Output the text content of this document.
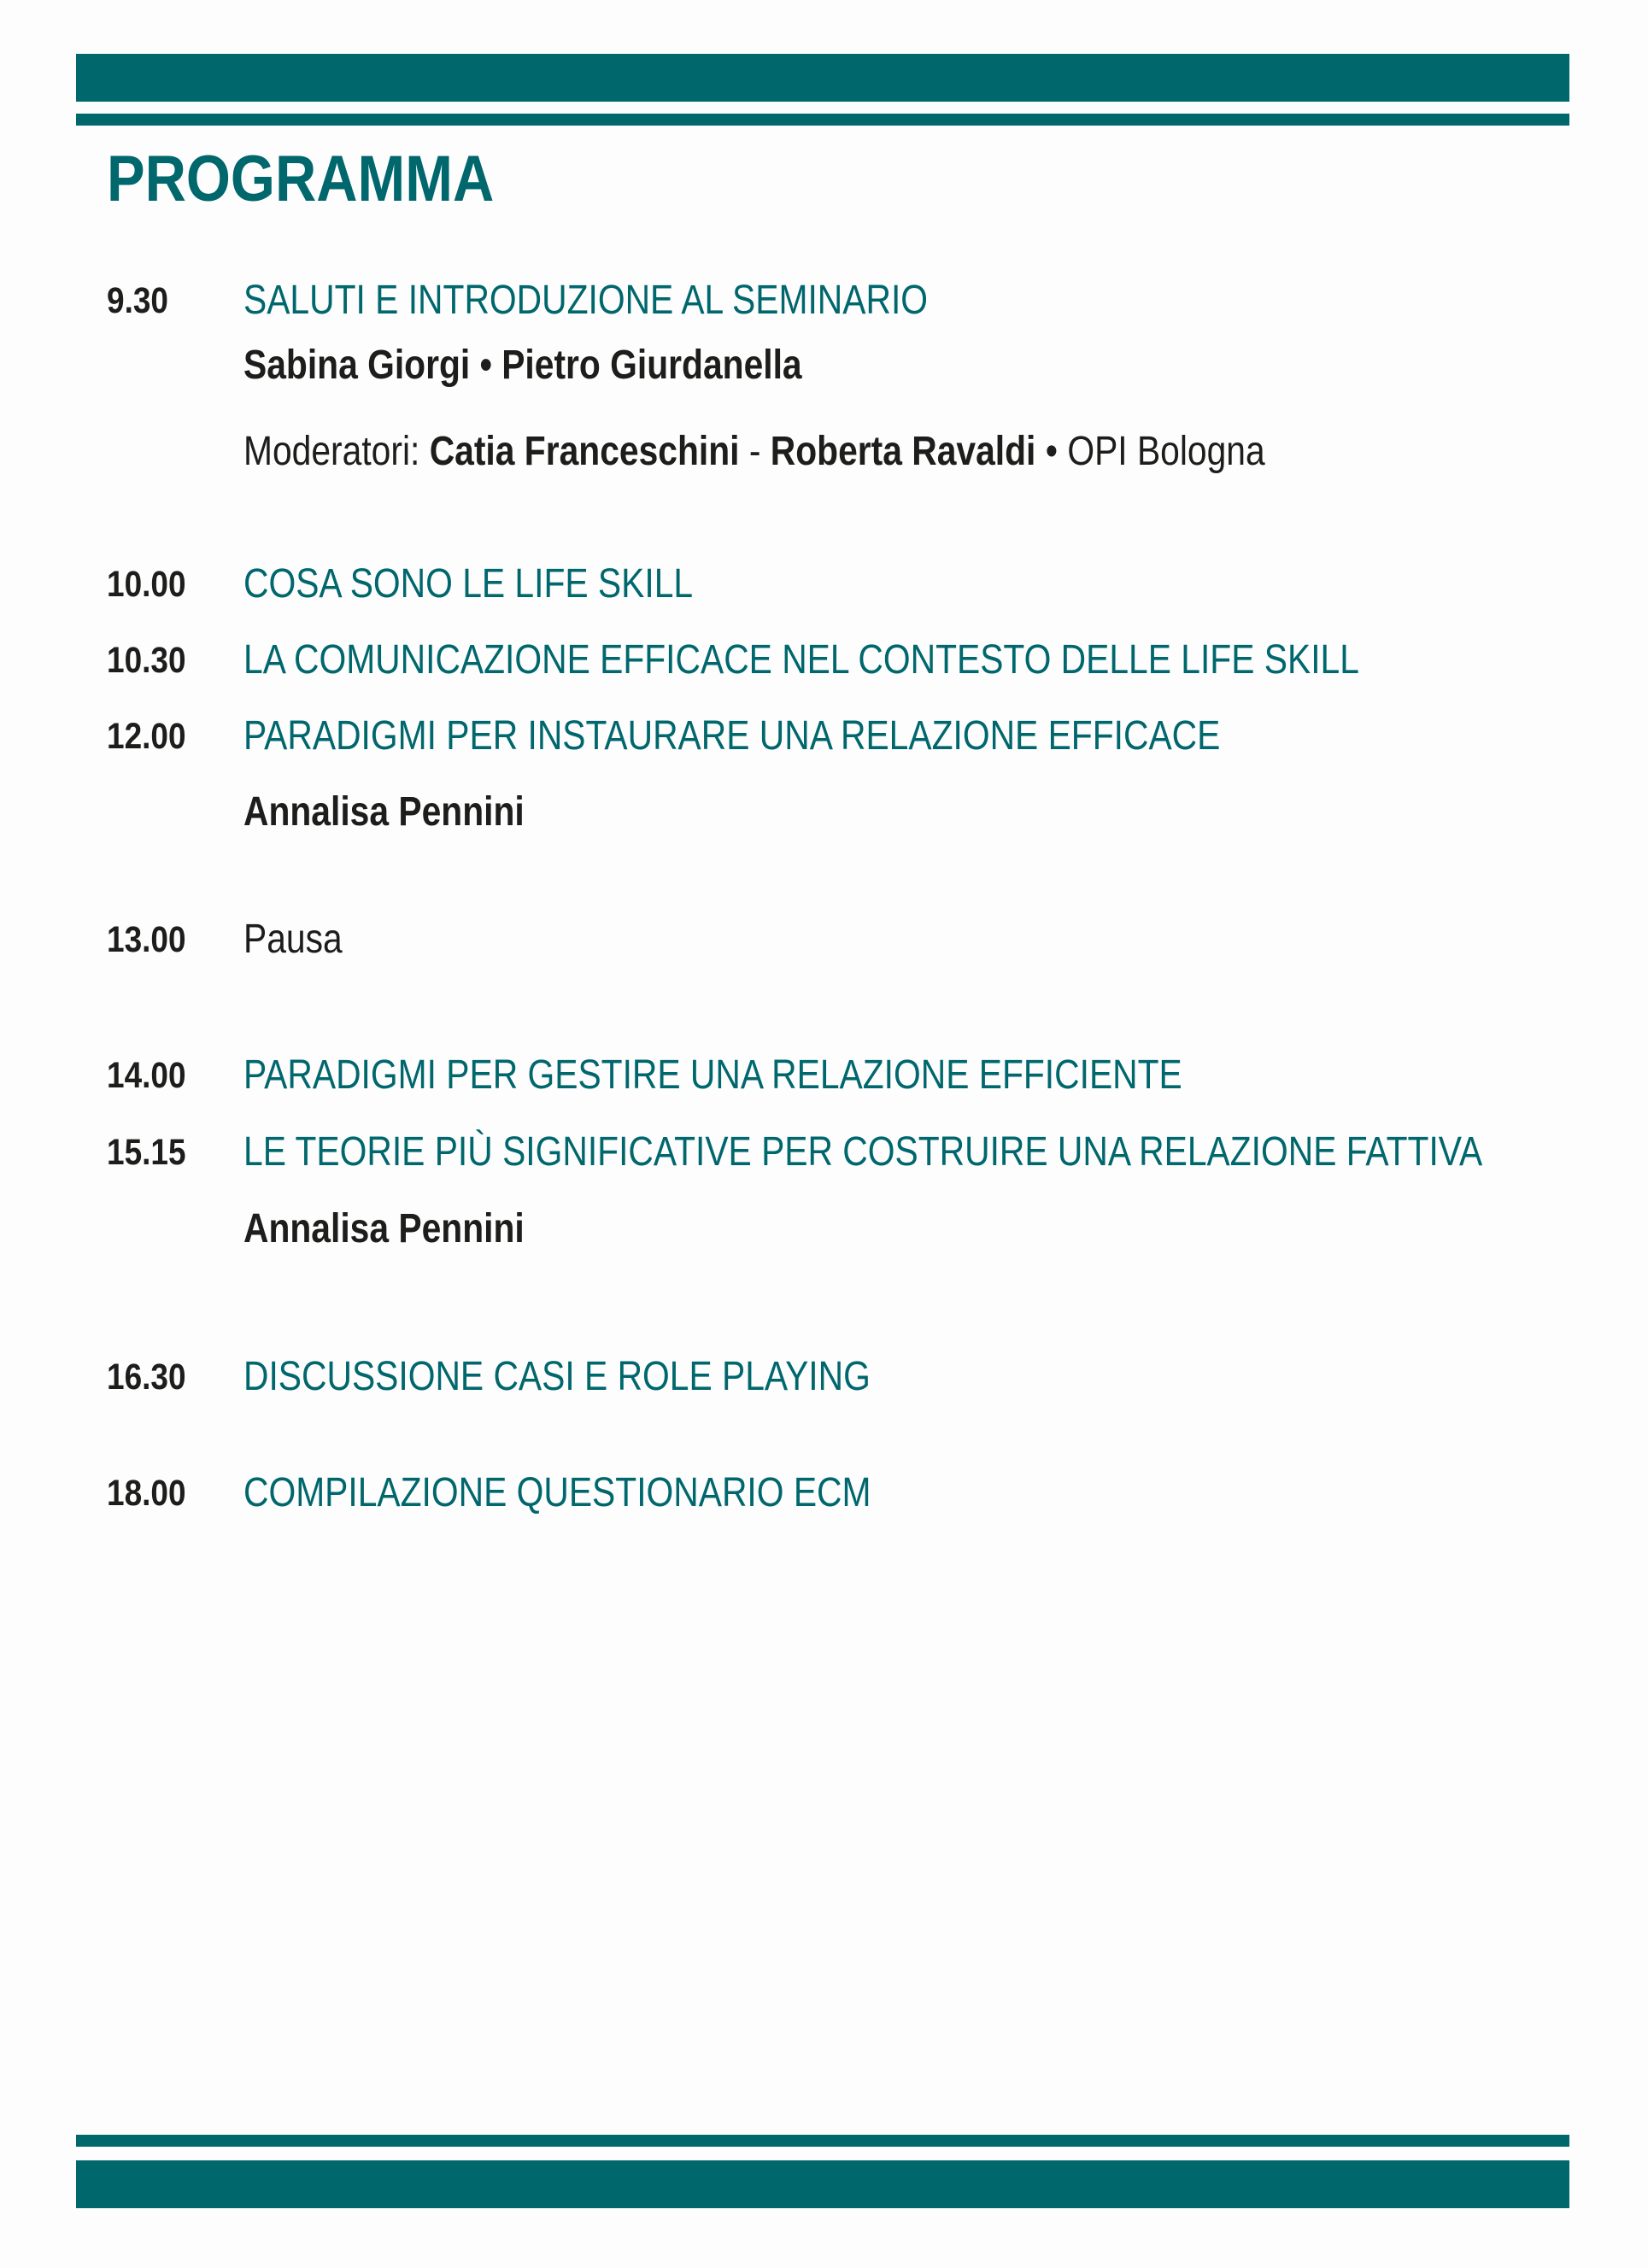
PROGRAMMA
9.30 SALUTI E INTRODUZIONE AL SEMINARIO
Sabina Giorgi • Pietro Giurdanella
Moderatori: Catia Franceschini - Roberta Ravaldi • OPI Bologna
10.00 COSA SONO LE LIFE SKILL
10.30 LA COMUNICAZIONE EFFICACE NEL CONTESTO DELLE LIFE SKILL
12.00 PARADIGMI PER INSTAURARE UNA RELAZIONE EFFICACE
Annalisa Pennini
13.00 Pausa
14.00 PARADIGMI PER GESTIRE UNA RELAZIONE EFFICIENTE
15.15 LE TEORIE PIÙ SIGNIFICATIVE PER COSTRUIRE UNA RELAZIONE FATTIVA
Annalisa Pennini
16.30 DISCUSSIONE CASI E ROLE PLAYING
18.00 COMPILAZIONE QUESTIONARIO ECM
